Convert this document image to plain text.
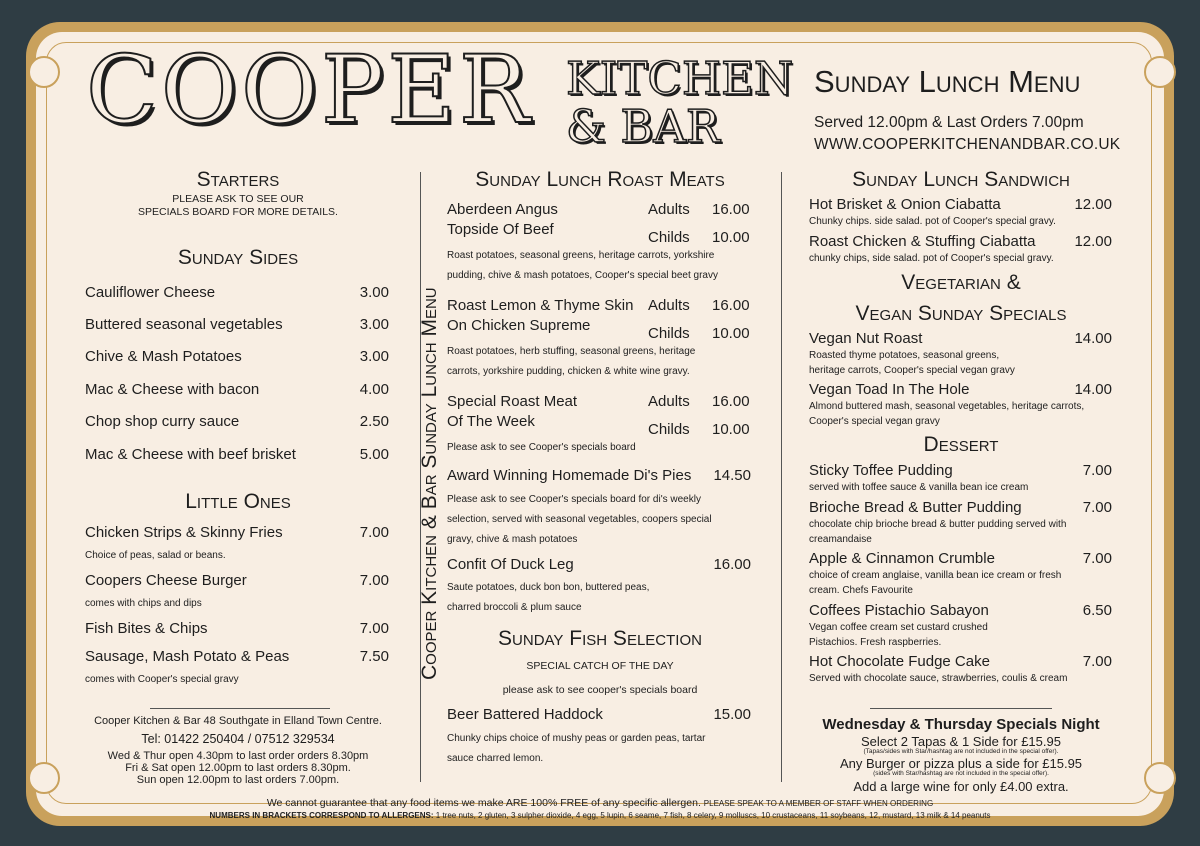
COOPER KITCHEN
& BAR
Sunday Lunch Menu
Served 12.00pm & Last Orders 7.00pm
WWW.COOPERKITCHENANDBAR.CO.UK
Starters
PLEASE ASK TO SEE OUR
SPECIALS BOARD FOR MORE DETAILS.
Sunday Sides
Cauliflower Cheese	3.00
Buttered seasonal vegetables	3.00
Chive & Mash Potatoes	3.00
Mac & Cheese with bacon	4.00
Chop shop curry sauce	2.50
Mac & Cheese with beef brisket	5.00
Little Ones
Chicken Strips & Skinny Fries	7.00
Choice of peas, salad or beans.
Coopers Cheese Burger	7.00
comes with chips and dips
Fish Bites & Chips	7.00
Sausage, Mash Potato & Peas	7.50
comes with Cooper's special gravy
Cooper Kitchen & Bar 48 Southgate in Elland Town Centre.
Tel: 01422 250404 / 07512 329534
Wed & Thur open 4.30pm to last order orders 8.30pm
Fri & Sat open 12.00pm to last orders 8.30pm.
Sun open 12.00pm to last orders 7.00pm.
Cooper Kitchen & Bar Sunday Lunch Menu
Sunday Lunch Roast Meats
Aberdeen Angus
Topside Of Beef
Adults 16.00
Childs 10.00
Roast potatoes, seasonal greens, heritage carrots, yorkshire
pudding, chive & mash potatoes, Cooper's special beet gravy
Roast Lemon & Thyme Skin
On Chicken Supreme
Adults 16.00
Childs 10.00
Roast potatoes, herb stuffing, seasonal greens, heritage
carrots, yorkshire pudding, chicken & white wine gravy.
Special Roast Meat
Of The Week
Adults 16.00
Childs 10.00
Please ask to see Cooper's specials board
Award Winning Homemade Di's Pies 14.50
Please ask to see Cooper's specials board for di's weekly
selection, served with seasonal vegetables, coopers special
gravy, chive & mash potatoes
Confit Of Duck Leg	16.00
Saute potatoes, duck bon bon, buttered peas,
charred broccoli & plum sauce
Sunday Fish Selection
SPECIAL CATCH OF THE DAY
please ask to see cooper's specials board
Beer Battered Haddock	15.00
Chunky chips choice of mushy peas or garden peas, tartar
sauce charred lemon.
Sunday Lunch Sandwich
Hot Brisket & Onion Ciabatta	12.00
Chunky chips. side salad. pot of Cooper's special gravy.
Roast Chicken & Stuffing Ciabatta	12.00
chunky chips, side salad. pot of Cooper's special gravy.
Vegetarian &
Vegan Sunday Specials
Vegan Nut Roast	14.00
Roasted thyme potatoes, seasonal greens,
heritage carrots, Cooper's special vegan gravy
Vegan Toad In The Hole	14.00
Almond buttered mash, seasonal vegetables, heritage carrots,
Cooper's special vegan gravy
Dessert
Sticky Toffee Pudding	7.00
served with toffee sauce & vanilla bean ice cream
Brioche Bread & Butter Pudding	7.00
chocolate chip brioche bread & butter pudding served with
creamandaise
Apple & Cinnamon Crumble	7.00
choice of cream anglaise, vanilla bean ice cream or fresh
cream. Chefs Favourite
Coffees Pistachio Sabayon	6.50
Vegan coffee cream set custard crushed
Pistachios. Fresh raspberries.
Hot Chocolate Fudge Cake	7.00
Served with chocolate sauce, strawberries, coulis & cream
Wednesday & Thursday Specials Night
Select 2 Tapas & 1 Side for £15.95
(Tapas/sides with Star/hashtag are not included in the special offer).
Any Burger or pizza plus a side for £15.95
(sides with Star/hashtag are not included in the special offer).
Add a large wine for only £4.00 extra.
We cannot guarantee that any food items we make ARE 100% FREE of any specific allergen. PLEASE SPEAK TO A MEMBER OF STAFF WHEN ORDERING
NUMBERS IN BRACKETS CORRESPOND TO ALLERGENS: 1 tree nuts, 2 gluten, 3 sulpher dioxide, 4 egg, 5 lupin, 6 seame, 7 fish, 8 celery, 9 molluscs, 10 crustaceans, 11 soybeans, 12, mustard, 13 milk & 14 peanuts
